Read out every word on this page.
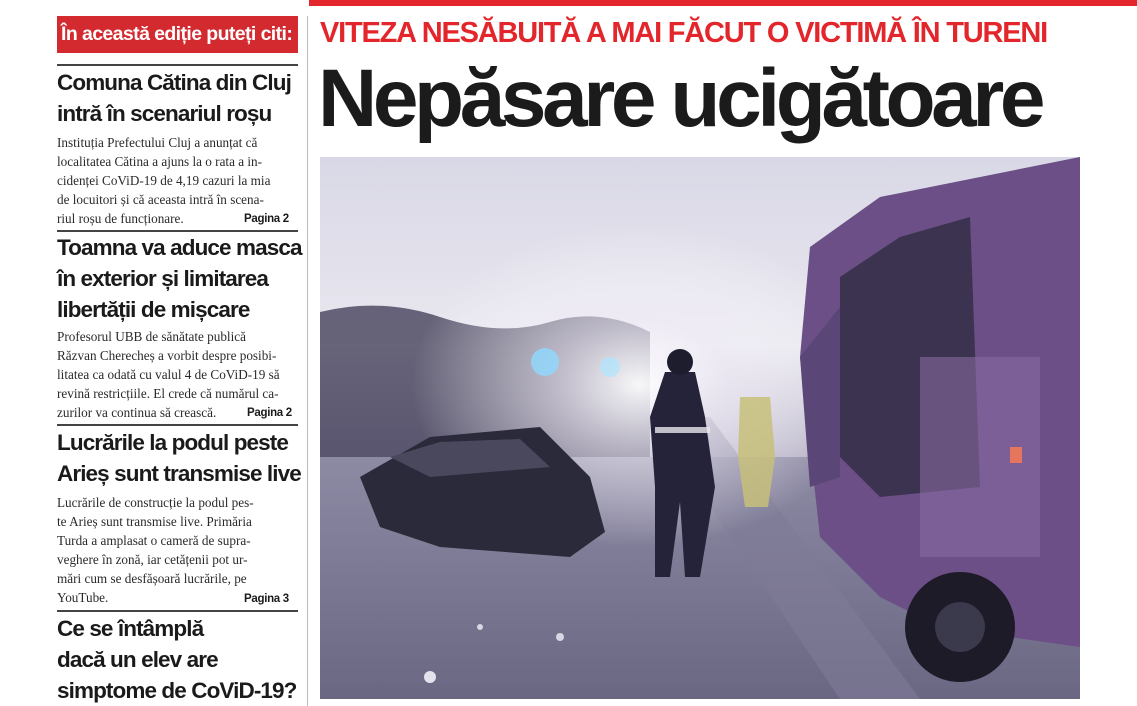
În această ediție puteți citi:
Comuna Cătina din Cluj
intră în scenariul roșu
Instituția Prefectului Cluj a anunțat că
localitatea Cătina a ajuns la o rata a in-
cidenței CoViD-19 de 4,19 cazuri la mia
de locuitori și că aceasta intră în scena-
riul roșu de funcționare.	Pagina 2
Toamna va aduce masca
în exterior și limitarea
libertății de mișcare
Profesorul UBB de sănătate publică
Răzvan Cherecheș a vorbit despre posibi-
litatea ca odată cu valul 4 de CoViD-19 să
revină restricțiile. El crede că numărul ca-
zurilor va continua să crească.	Pagina 2
Lucrările la podul peste
Arieș sunt transmise live
Lucrările de construcție la podul pes-
te Arieș sunt transmise live. Primăria
Turda a amplasat o cameră de supra-
veghere în zonă, iar cetățenii pot ur-
mări cum se desfășoară lucrările, pe
YouTube.	Pagina 3
Ce se întâmplă
dacă un elev are
simptome de CoViD-19?
VITEZA NESĂBUITĂ A MAI FĂCUT O VICTIMĂ ÎN TURENI
Nepăsare ucigătoare
